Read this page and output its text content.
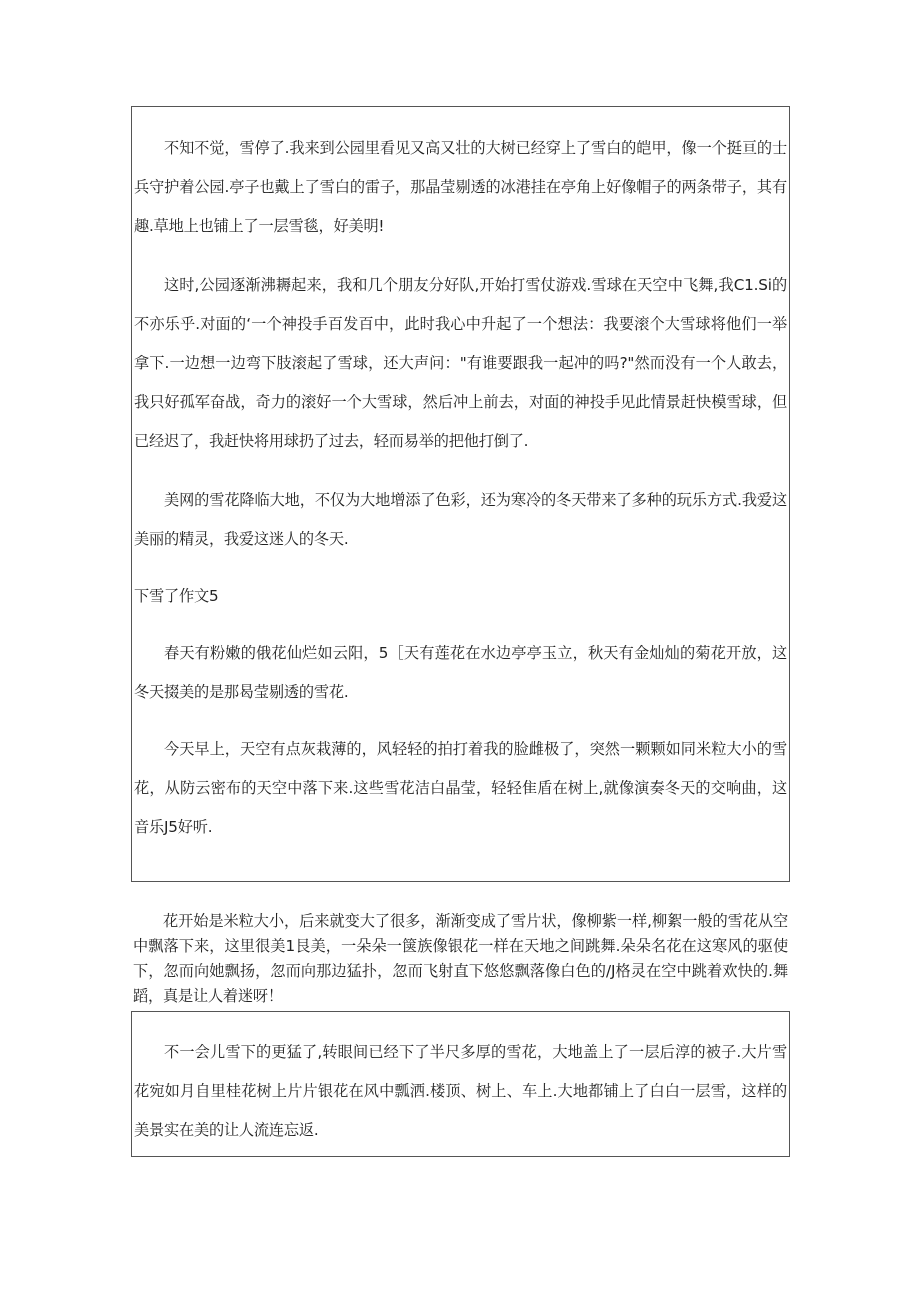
不知不觉，雪停了.我来到公园里看见又高又壮的大树已经穿上了雪白的皑甲，像一个挺亘的士兵守护着公园.亭子也戴上了雪白的雷子，那晶莹剔透的冰港挂在亭角上好像帽子的两条带子，其有趣.草地上也铺上了一层雪毯，好美明!

这时,公园逐渐沸耨起来，我和几个朋友分好队,开始打雪仗游戏.雪球在天空中飞舞,我C1.Si的不亦乐乎.对面的‘一个神投手百发百中，此时我心中升起了一个想法：我要滚个大雪球将他们一举拿下.一边想一边弯下肢滚起了雪球，还大声问："有谁要跟我一起冲的吗?"然而没有一个人敢去，我只好孤军奋战，奇力的滚好一个大雪球，然后冲上前去，对面的神投手见此情景赶快模雪球，但已经迟了，我赶快将用球扔了过去，轻而易举的把他打倒了.

美网的雪花降临大地，不仅为大地增添了色彩，还为寒冷的冬天带来了多种的玩乐方式.我爱这美丽的精灵，我爱这迷人的冬天.

下雪了作文5

春天有粉嫩的俄花仙烂如云阳，5［天有莲花在水边亭亭玉立，秋天有金灿灿的菊花开放，这冬天掇美的是那曷莹剔透的雪花.

今天早上，天空有点灰栽薄的，风轻轻的拍打着我的脸雌极了，突然一颗颗如同米粒大小的雪花，从防云密布的天空中落下来.这些雪花洁白晶莹，轻轻隹盾在树上,就像演奏冬天的交响曲，这音乐J5好听.

花开始是米粒大小，后来就变大了很多，渐渐变成了雪片状，像柳紫一样,柳絮一般的雪花从空中飘落下来，这里很美1艮美，一朵朵一箧族像银花一样在天地之间跳舞.朵朵名花在这寒风的驱使下，忽而向她飘扬，忽而向那边猛扑，忽而飞射直下悠悠飘落像白色的/J格灵在空中跳着欢快的.舞蹈，真是让人着迷呀！

不一会儿雪下的更猛了,转眼间已经下了半尺多厚的雪花，大地盖上了一层后淳的被子.大片雪花宛如月自里桂花树上片片银花在风中瓢洒.楼顶、树上、车上.大地都铺上了白白一层雪，这样的美景实在美的让人流连忘返.
